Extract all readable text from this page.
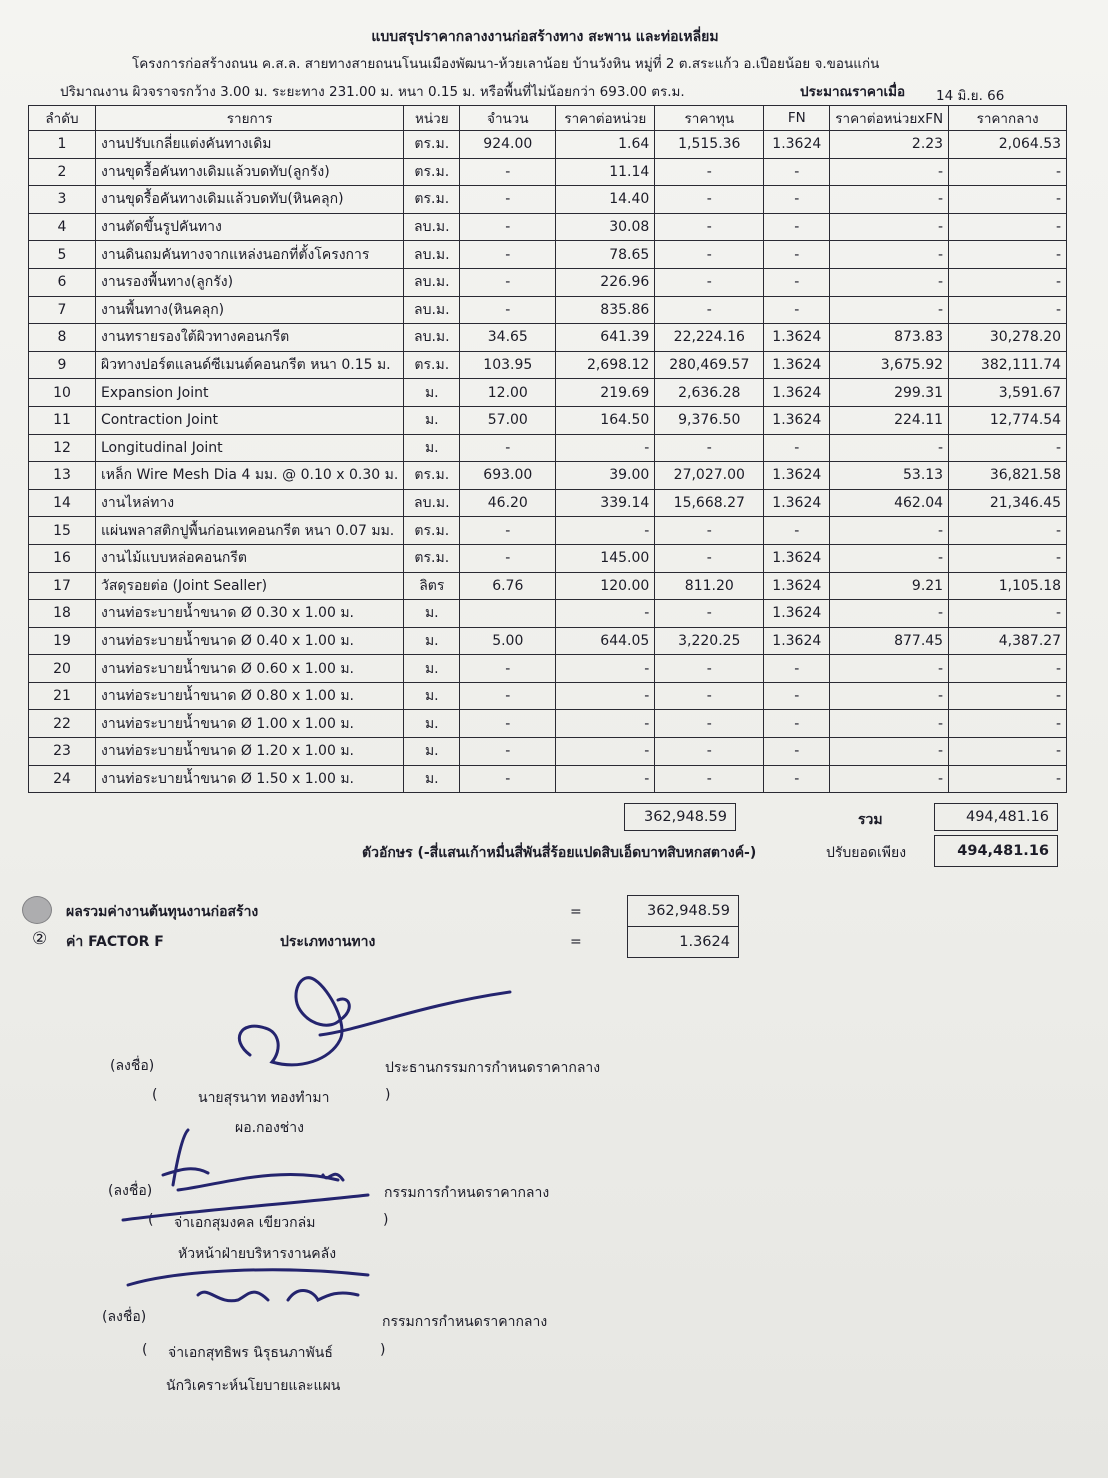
แบบสรุปราคากลางงานก่อสร้างทาง สะพาน และท่อเหลี่ยม
โครงการก่อสร้างถนน ค.ส.ล. สายทางสายถนนโนนเมืองพัฒนา-ห้วยเลาน้อย บ้านวังหิน หมู่ที่ 2 ต.สระแก้ว อ.เปือยน้อย จ.ขอนแก่น
ปริมาณงาน ผิวจราจรกว้าง 3.00 ม. ระยะทาง 231.00 ม. หนา 0.15 ม. หรือพื้นที่ไม่น้อยกว่า 693.00 ตร.ม.	ประมาณราคาเมื่อ 14 มิ.ย. 66
ลำดับ	รายการ	หน่วย	จำนวน	ราคาต่อหน่วย	ราคาทุน	FN	ราคาต่อหน่วยxFN	ราคากลาง
1	งานปรับเกลี่ยแต่งคันทางเดิม	ตร.ม.	924.00	1.64	1,515.36	1.3624	2.23	2,064.53
2	งานขุดรื้อคันทางเดิมแล้วบดทับ(ลูกรัง)	ตร.ม.	-	11.14	-	-	-	-
3	งานขุดรื้อคันทางเดิมแล้วบดทับ(หินคลุก)	ตร.ม.	-	14.40	-	-	-	-
4	งานตัดขึ้นรูปคันทาง	ลบ.ม.	-	30.08	-	-	-	-
5	งานดินถมคันทางจากแหล่งนอกที่ตั้งโครงการ	ลบ.ม.	-	78.65	-	-	-	-
6	งานรองพื้นทาง(ลูกรัง)	ลบ.ม.	-	226.96	-	-	-	-
7	งานพื้นทาง(หินคลุก)	ลบ.ม.	-	835.86	-	-	-	-
8	งานทรายรองใต้ผิวทางคอนกรีต	ลบ.ม.	34.65	641.39	22,224.16	1.3624	873.83	30,278.20
9	ผิวทางปอร์ตแลนด์ซีเมนต์คอนกรีต หนา 0.15 ม.	ตร.ม.	103.95	2,698.12	280,469.57	1.3624	3,675.92	382,111.74
10	Expansion Joint	ม.	12.00	219.69	2,636.28	1.3624	299.31	3,591.67
11	Contraction Joint	ม.	57.00	164.50	9,376.50	1.3624	224.11	12,774.54
12	Longitudinal Joint	ม.	-	-	-	-	-	-
13	เหล็ก Wire Mesh Dia 4 มม. @ 0.10 x 0.30 ม.	ตร.ม.	693.00	39.00	27,027.00	1.3624	53.13	36,821.58
14	งานไหล่ทาง	ลบ.ม.	46.20	339.14	15,668.27	1.3624	462.04	21,346.45
15	แผ่นพลาสติกปูพื้นก่อนเทคอนกรีต หนา 0.07 มม.	ตร.ม.	-	-	-	-	-	-
16	งานไม้แบบหล่อคอนกรีต	ตร.ม.	-	145.00	-	1.3624	-	-
17	วัสดุรอยต่อ (Joint Sealler)	ลิตร	6.76	120.00	811.20	1.3624	9.21	1,105.18
18	งานท่อระบายน้ำขนาด Ø 0.30 x 1.00 ม.	ม.		-	-	1.3624	-	-
19	งานท่อระบายน้ำขนาด Ø 0.40 x 1.00 ม.	ม.	5.00	644.05	3,220.25	1.3624	877.45	4,387.27
20	งานท่อระบายน้ำขนาด Ø 0.60 x 1.00 ม.	ม.	-	-	-	-	-	-
21	งานท่อระบายน้ำขนาด Ø 0.80 x 1.00 ม.	ม.	-	-	-	-	-	-
22	งานท่อระบายน้ำขนาด Ø 1.00 x 1.00 ม.	ม.	-	-	-	-	-	-
23	งานท่อระบายน้ำขนาด Ø 1.20 x 1.00 ม.	ม.	-	-	-	-	-	-
24	งานท่อระบายน้ำขนาด Ø 1.50 x 1.00 ม.	ม.	-	-	-	-	-	-
362,948.59	รวม	494,481.16
ตัวอักษร (-สี่แสนเก้าหมื่นสี่พันสี่ร้อยแปดสิบเอ็ดบาทสิบหกสตางค์-)	ปรับยอดเพียง	494,481.16
ผลรวมค่างานต้นทุนงานก่อสร้าง	=	362,948.59
② ค่า FACTOR F	ประเภทงานทาง	=	1.3624
(ลงชื่อ)	ประธานกรรมการกำหนดราคากลาง
(	นายสุรนาท ทองทำมา	)
ผอ.กองช่าง
(ลงชื่อ)	กรรมการกำหนดราคากลาง
( จ่าเอกสุมงคล เขียวกล่ม	)
หัวหน้าฝ่ายบริหารงานคลัง
(ลงชื่อ)	กรรมการกำหนดราคากลาง
( จ่าเอกสุทธิพร นิรุธนภาพันธ์	)
นักวิเคราะห์นโยบายและแผน
